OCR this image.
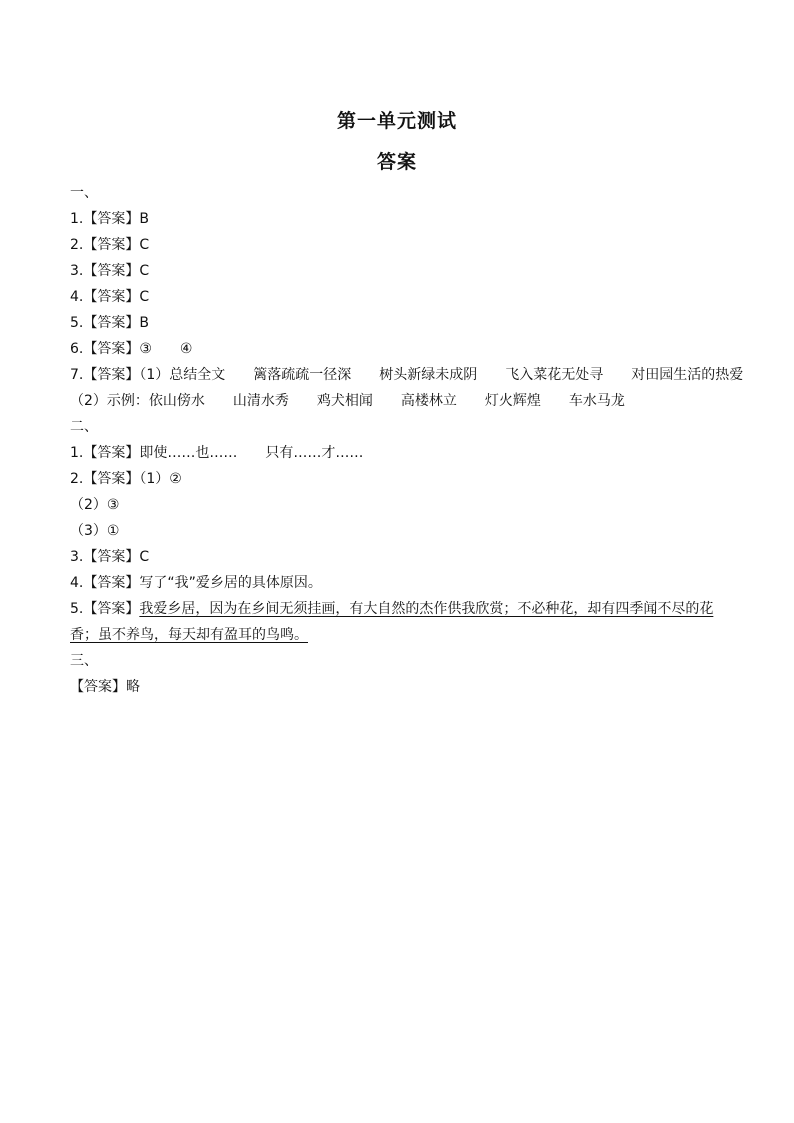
第一单元测试
答案
一、
1.【答案】B
2.【答案】C
3.【答案】C
4.【答案】C
5.【答案】B
6.【答案】③ ④
7.【答案】（1）总结全文 篱落疏疏一径深 树头新绿未成阴 飞入菜花无处寻 对田园生活的热爱
（2）示例：依山傍水 山清水秀 鸡犬相闻 高楼林立 灯火辉煌 车水马龙
二、
1.【答案】即使……也…… 只有……才……
2.【答案】（1）②
（2）③
（3）①
3.【答案】C
4.【答案】写了“我”爱乡居的具体原因。
5.【答案】我爱乡居，因为在乡间无须挂画，有大自然的杰作供我欣赏；不必种花，却有四季闻不尽的花香；虽不养鸟，每天却有盈耳的鸟鸣。
三、
【答案】略
